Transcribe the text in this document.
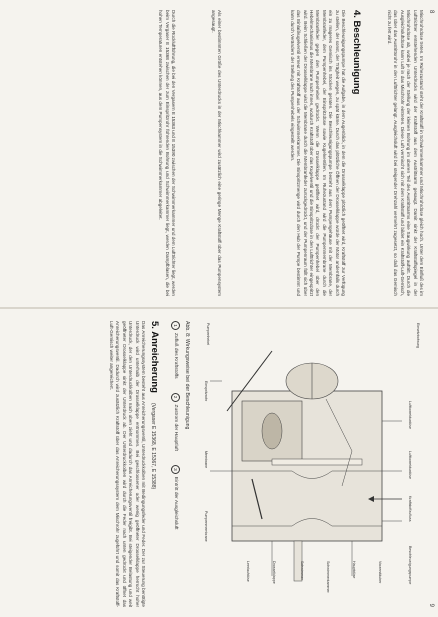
8

Mischrohrdüse treten. Im Ruhezustand steht der Kraftstoff in Schwimmerkammer und Mischrohrdüse gleich hoch. Unter dem Einfluß des im Lufttrichter entstehenden Unterdrucks wird der Kraftstoff aus dem Austrittsarm gesaugt. Damit sinkt der Kraftstoffspiegel in der Mischrohrdüse ab, wobei je nach der Stellung der kleinen Bohrung im oberen Teil des Austrittsarms eine Saugwirkung auftritt. Durch die Ausgleichsluftdüse kann Luft in das Mischrohr eintreten. Diese Luft vermischt sich mit dem Kraftstoff und bildet ein Kraftstoff-Luft-Gemisch, das über das Austrittsrohr in den Lufttrichter gelangt. Ausgleichsluft wird bei steigender Drehzahl vermehrt zugesetzt, so daß das Gemisch nicht zu fett wird.

4. Beschleunigung

Die Beschleunigungspumpe hat die Aufgabe, in dem Augenblick, in dem die Drosselklappe plötzlich geöffnet wird, Kraftstoff zur Verfügung zu stellen, der sonst, der Trägheit wegen, zu spät käme. Durch das plötzliche Öffnen der Drosselklappe würde der Motor andernfalls durch ein zu mageres Gemisch ins Stocken geraten. Die Beschleunigungspumpe besteht aus dem Pumpengehäuse mit der Membrane, der Membranfeder, dem Pumpenhebel, der Einspritzdüse sowie Kugelventilen. Im Ruhezustand wird die Pumpenmembrane durch die Membranfeder gegen den Pumpenhebel gedrückt. Wenn die Drosselklappe geöffnet wird, drückt der Pumpenhebel über den Hebelmechanismus die Membrane nach innen, wodurch Kraftstoff über das Kugelventil und die Einspritzdüse in den Lufttrichter eingespritzt wird. Beim Schließen der Drosselklappe wird die Membrane durch die Membranfeder zurückgedrückt, und der Pumpenraum füllt sich über das Einlaßkugelventil erneut mit Kraftstoff aus der Schwimmerkammer. Die Einspritzmenge wird durch den Hub der Pumpe bestimmt und kann durch Verändern der Stellung des Pumpenhebels eingestellt werden.

Als einer bestimmten Größe des Unterdrucks in der Mischkammer wird zusätzlich eine geringe Menge Kraftstoff über das Pumpensystem angesaugt.

Durch die Rückluftführung, die bei den Vergasern E 15363 und E 15390 zwischen der Schwimmerkammer und dem Lufttrichter liegt, werden beim Vergaser E 15368 zwischen der zum Einspritzrohr führenden Bohrung und Schwimmerkammer liegt, werden Dampfblasen, die bei hohen Temperaturen entstehen können, aus dem Pumpensystem in die Schwimmerkammer abgeleitet.

9
Einsetzbohrung
Luftkorrekturdüse
Luftkorrekturdüse
Kraftstoffzufluss
Beschleunigungspumpe
Vorzerstäuber
Hauptdüse
Schwimmerkammer
Schwimmer
Drosselklappe
Leerlaufdüse
Pumpenhebel
Einspritzrohr
Membrane
Pumpenmembrane
Abb. 8: Wirkungsweise bei der Beschleunigung
1
Zufluß des Kraftstoffs
2
Zustrom der Hauptluft
3
Eintritt der Ausgleichsluft
5. Anreicherung(Vergaser E 15368, E 15367, E 15388)

Das Anreicherungssystem besteht aus Anreicherungsventil, Unterdruckkolben mit Bedingungsfeder und Feder. Der zur Steuerung benötigte Unterdruck wird unterhalb der Drosselklappe entnommen. Bei geschlossener oder wenig geöffneter Drosselklappe herrscht hoher Unterdruck, der den Unterdruckkolben nach oben zieht und dadurch das Anreicherungsventil freigibt. Bei steigender Belastung und weit geöffneter Drosselklappe sinkt der Unterdruck ab. Der Unterdruckkolben wird durch die Feder nach unten gedrückt und öffnet das Anreicherungsventil. Dadurch wird zusätzlich Kraftstoff über das Anreicherungssystem dem Mischrohr zugeführt und somit das Kraftstoff-Luft-Gemisch weiter angereichert.
